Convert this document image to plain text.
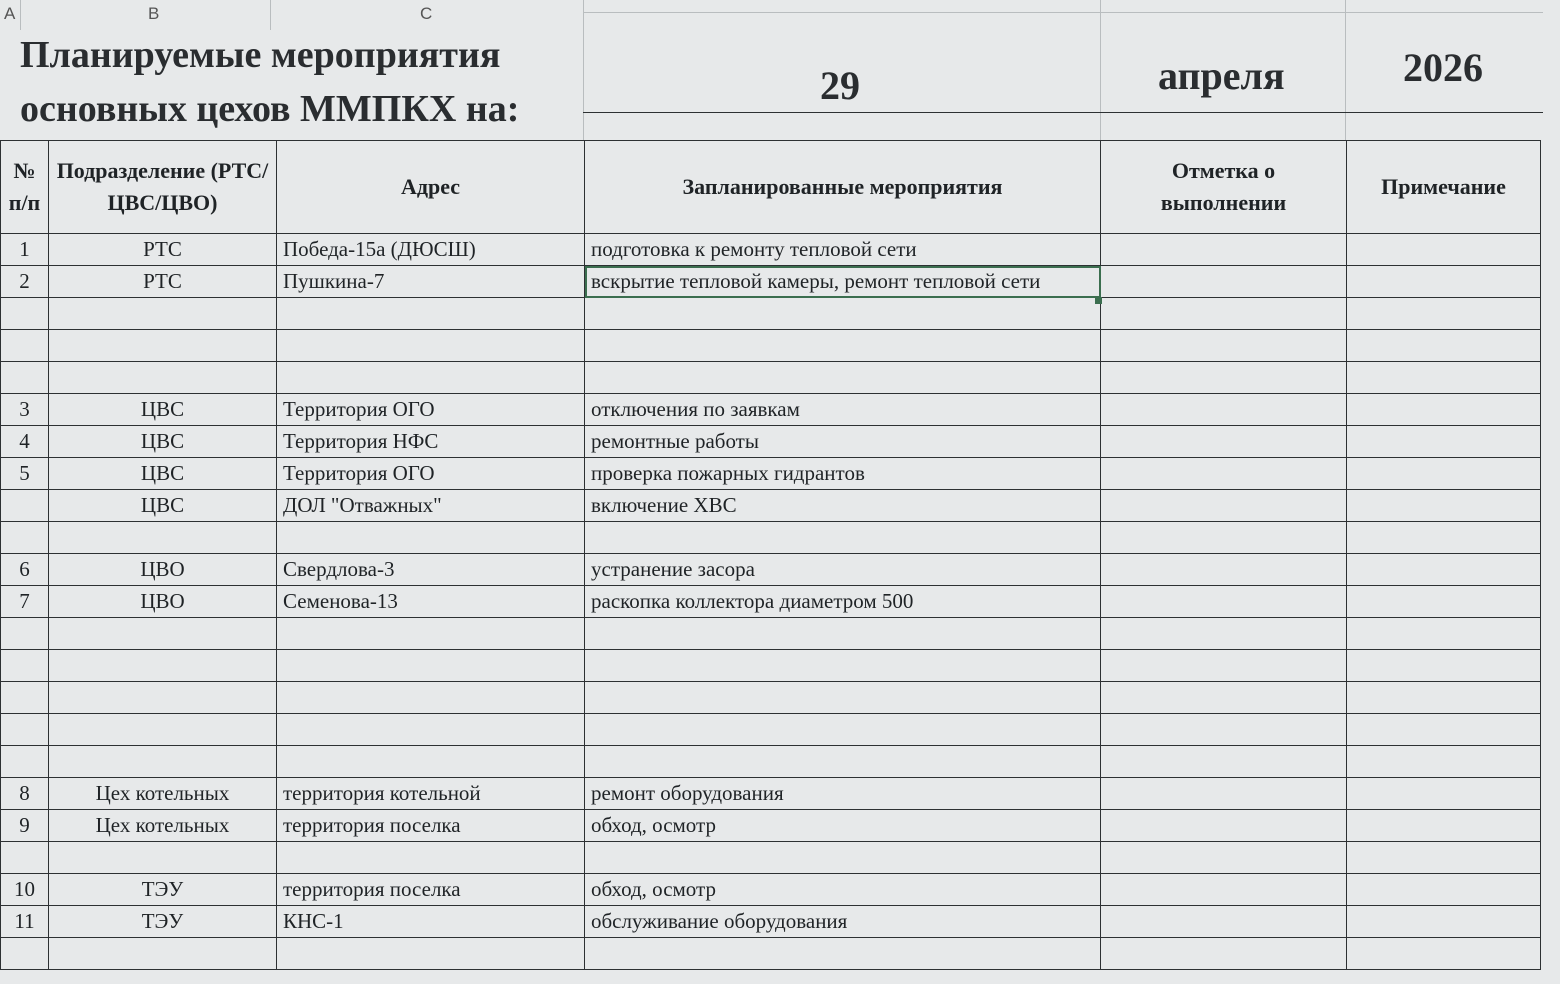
A	B	C
Планируемые мероприятия
основных цехов ММПКХ на:
29	апреля	2026
№ п/п	Подразделение (РТС/ЦВС/ЦВО)	Адрес	Запланированные мероприятия	Отметка о выполнении	Примечание
1	РТС	Победа-15а (ДЮСШ)	подготовка к ремонту тепловой сети		
2	РТС	Пушкина-7	вскрытие тепловой камеры, ремонт тепловой сети		

3	ЦВС	Территория ОГО	отключения по заявкам		
4	ЦВС	Территория НФС	ремонтные работы		
5	ЦВС	Территория ОГО	проверка пожарных гидрантов		
	ЦВС	ДОЛ "Отважных"	включение ХВС		

6	ЦВО	Свердлова-3	устранение засора		
7	ЦВО	Семенова-13	раскопка коллектора диаметром 500		

8	Цех котельных	территория котельной	ремонт оборудования		
9	Цех котельных	территория поселка	обход, осмотр		

10	ТЭУ	территория поселка	обход, осмотр		
11	ТЭУ	КНС-1	обслуживание оборудования		
